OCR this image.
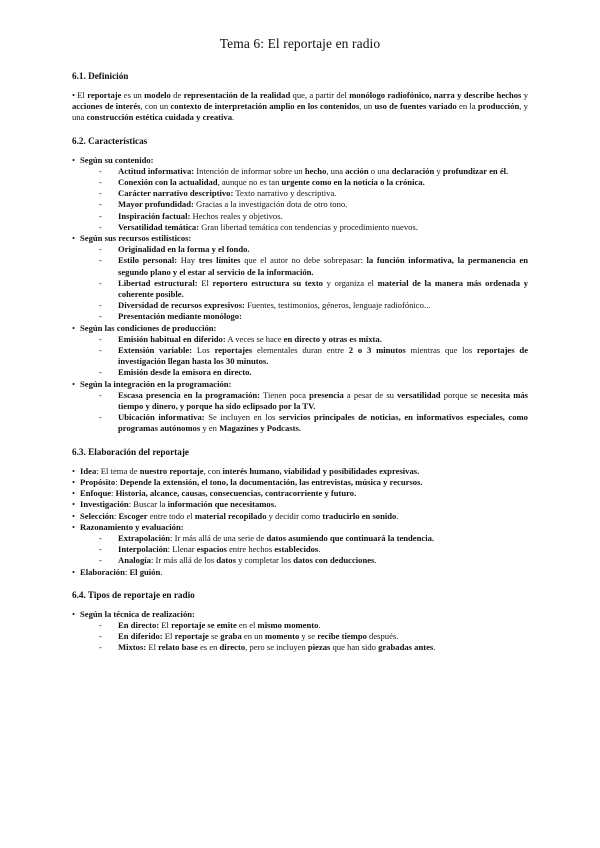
Tema 6: El reportaje en radio
6.1. Definición
• El reportaje es un modelo de representación de la realidad que, a partir del monólogo radiofónico, narra y describe hechos y acciones de interés, con un contexto de interpretación amplio en los contenidos, un uso de fuentes variado en la producción, y una construcción estética cuidada y creativa.
6.2. Características
• Según su contenido:
- Actitud informativa: Intención de informar sobre un hecho, una acción o una declaración y profundizar en él.
- Conexión con la actualidad, aunque no es tan urgente como en la noticia o la crónica.
- Carácter narrativo descriptivo: Texto narrativo y descriptiva.
- Mayor profundidad: Gracias a la investigación dota de otro tono.
- Inspiración factual: Hechos reales y objetivos.
- Versatilidad temática: Gran libertad temática con tendencias y procedimiento nuevos.
• Según sus recursos estilísticos:
- Originalidad en la forma y el fondo.
- Estilo personal: Hay tres límites que el autor no debe sobrepasar: la función informativa, la permanencia en segundo plano y el estar al servicio de la información.
- Libertad estructural: El reportero estructura su texto y organiza el material de la manera más ordenada y coherente posible.
- Diversidad de recursos expresivos: Fuentes, testimonios, géneros, lenguaje radiofónico...
- Presentación mediante monólogo:
• Según las condiciones de producción:
- Emisión habitual en diferido: A veces se hace en directo y otras es mixta.
- Extensión variable: Los reportajes elementales duran entre 2 o 3 minutos mientras que los reportajes de investigación llegan hasta los 30 minutos.
- Emisión desde la emisora en directo.
• Según la integración en la programación:
- Escasa presencia en la programación: Tienen poca presencia a pesar de su versatilidad porque se necesita más tiempo y dinero, y porque ha sido eclipsado por la TV.
- Ubicación informativa: Se incluyen en los servicios principales de noticias, en informativos especiales, como programas autónomos y en Magazines y Podcasts.
6.3. Elaboración del reportaje
• Idea: El tema de nuestro reportaje, con interés humano, viabilidad y posibilidades expresivas.
• Propósito: Depende la extensión, el tono, la documentación, las entrevistas, música y recursos.
• Enfoque: Historia, alcance, causas, consecuencias, contracorriente y futuro.
• Investigación: Buscar la información que necesitamos.
• Selección: Escoger entre todo el material recopilado y decidir como traducirlo en sonido.
• Razonamiento y evaluación:
- Extrapolación: Ir más allá de una serie de datos asumiendo que continuará la tendencia.
- Interpolación: Llenar espacios entre hechos establecidos.
- Analogía: Ir más allá de los datos y completar los datos con deducciones.
• Elaboración: El guión.
6.4. Tipos de reportaje en radio
• Según la técnica de realización:
- En directo: El reportaje se emite en el mismo momento.
- En diferido: El reportaje se graba en un momento y se recibe tiempo después.
- Mixtos: El relato base es en directo, pero se incluyen piezas que han sido grabadas antes.
